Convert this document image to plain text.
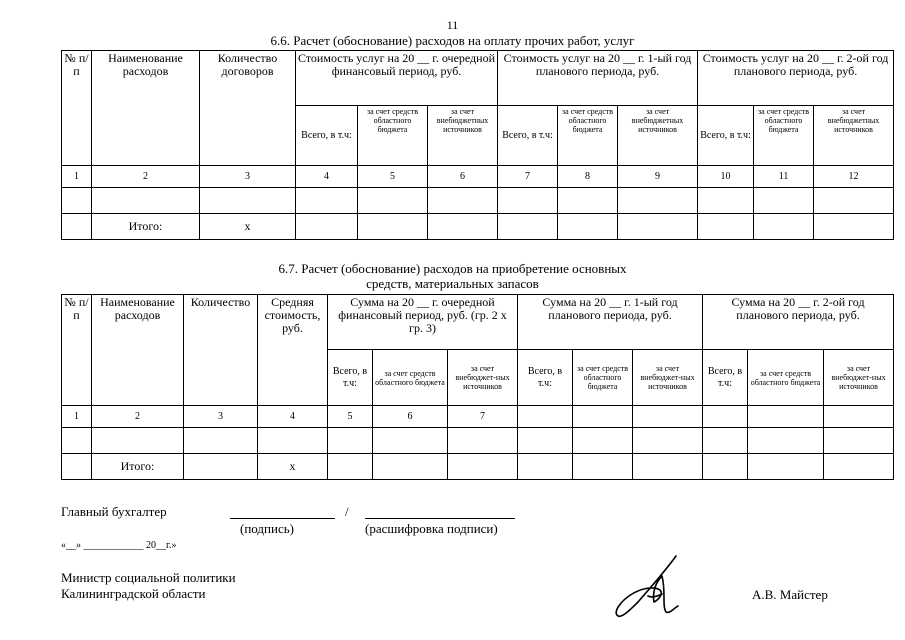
11
6.6. Расчет (обоснование) расходов на оплату прочих работ, услуг
№ п/п	Наименование расходов	Количество договоров	Стоимость услуг на 20 __ г. очередной финансовый период, руб.			Стоимость услуг на 20 __ г. 1-ый год планового периода, руб.			Стоимость услуг на 20 __ г. 2-ой год планового периода, руб.		
			Всего, в т.ч:	за счет средств областного бюджета	за счет внебюджетных источников	Всего, в т.ч:	за счет средств областного бюджета	за счет внебюджетных источников	Всего, в т.ч:	за счет средств областного бюджета	за счет внебюджетных источников
1	2	3	4	5	6	7	8	9	10	11	12

	Итого:	х									
6.7. Расчет (обоснование) расходов на приобретение основных
средств, материальных запасов
№ п/п	Наименование расходов	Количество	Средняя стоимость, руб.	Сумма на 20 __ г. очередной финансовый период, руб. (гр. 2 х гр. 3)			Сумма на 20 __ г. 1-ый год планового периода, руб.			Сумма на 20 __ г. 2-ой год планового периода, руб.		
				Всего, в т.ч:	за счет средств областного бюджета	за счет внебюджет-ных источников	Всего, в т.ч:	за счет средств областного бюджета	за счет внебюджет-ных источников	Всего, в т.ч:	за счет средств областного бюджета	за счет внебюджет-ных источников
1	2	3	4	5	6	7						

	Итого:		х									
Главный бухгалтер	/
(подпись)	(расшифровка подписи)
«__» ____________ 20__г.»
Министр социальной политики
Калининградской области	А.В. Майстер
